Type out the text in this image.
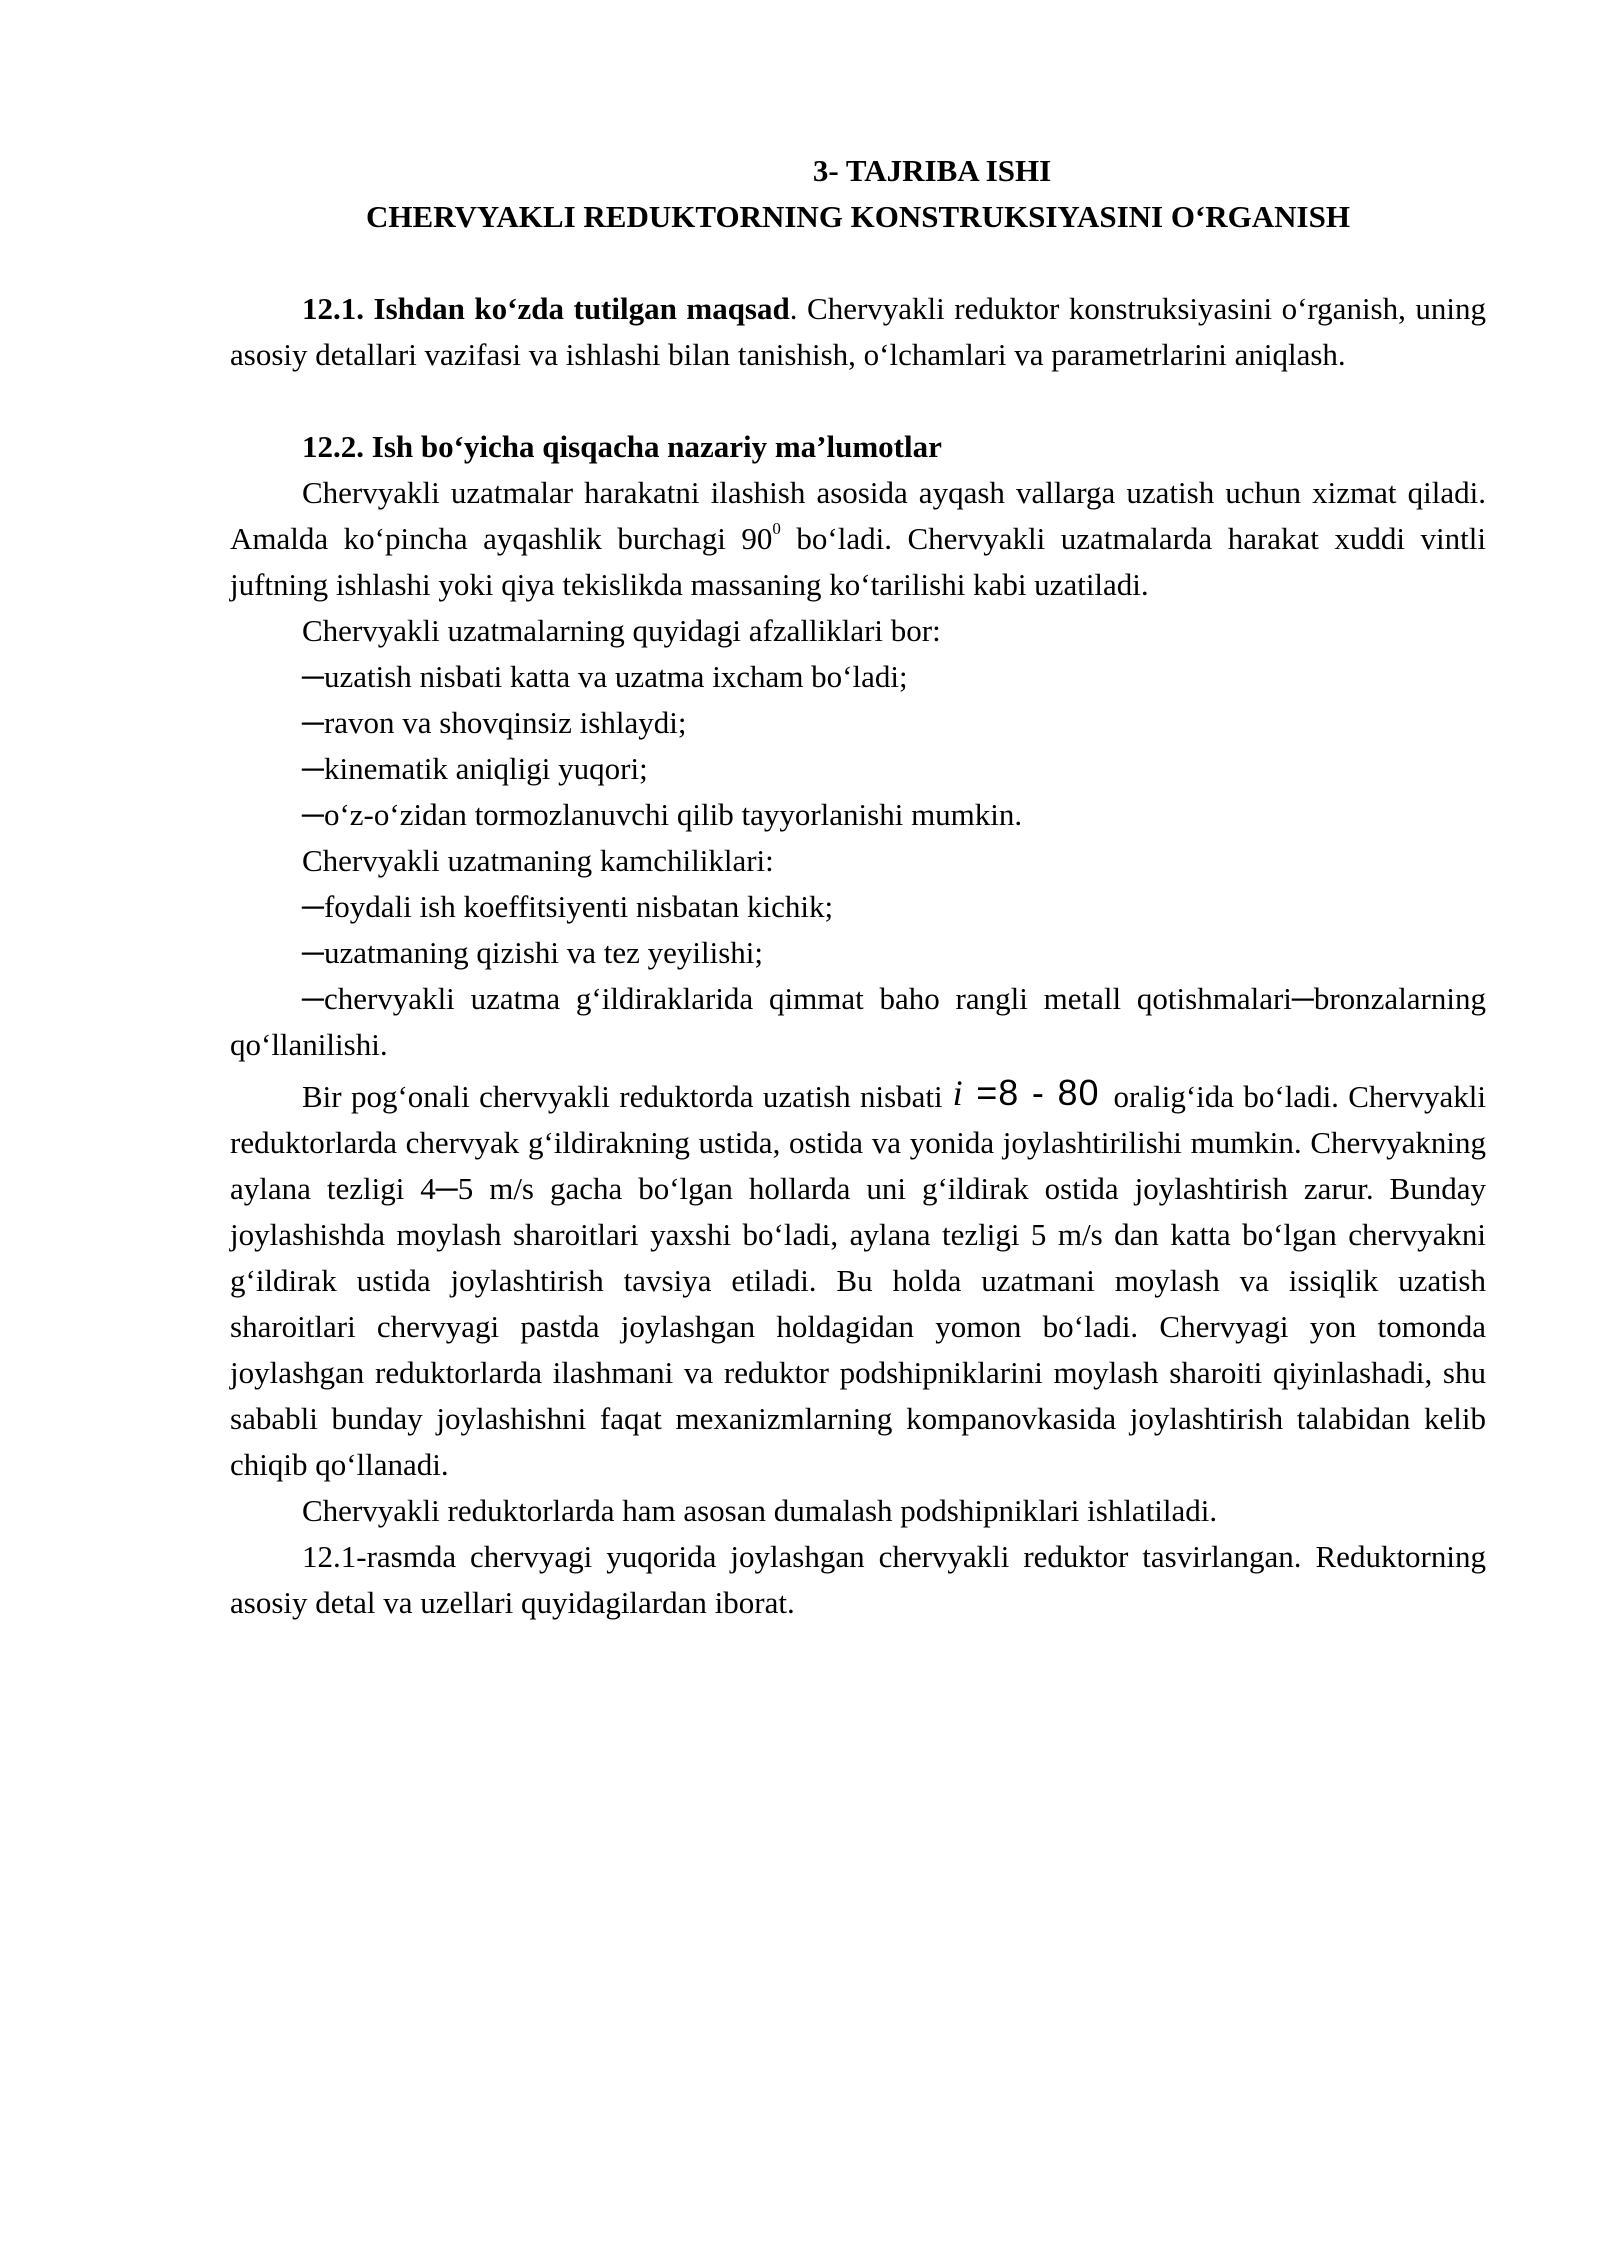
3- TAJRIBA ISHI
CHERVYAKLI REDUKTORNING KONSTRUKSIYASINI O‘RGANISH

12.1. Ishdan ko‘zda tutilgan maqsad. Chervyakli reduktor konstruksiyasini o‘rganish, uning asosiy detallari vazifasi va ishlashi bilan tanishish, o‘lchamlari va parametrlarini aniqlash.

12.2. Ish bo‘yicha qisqacha nazariy ma’lumotlar

Chervyakli uzatmalar harakatni ilashish asosida ayqash vallarga uzatish uchun xizmat qiladi. Amalda ko‘pincha ayqashlik burchagi $90^0$ bo‘ladi. Chervyakli uzatmalarda harakat xuddi vintli juftning ishlashi yoki qiya tekislikda massaning ko‘tarilishi kabi uzatiladi.

Chervyakli uzatmalarning quyidagi afzalliklari bor:

─uzatish nisbati katta va uzatma ixcham bo‘ladi;

─ravon va shovqinsiz ishlaydi;

─kinematik aniqligi yuqori;

─o‘z-o‘zidan tormozlanuvchi qilib tayyorlanishi mumkin.

Chervyakli uzatmaning kamchiliklari:

─foydali ish koeffitsiyenti nisbatan kichik;

─uzatmaning qizishi va tez yeyilishi;

─chervyakli uzatma g‘ildiraklarida qimmat baho rangli metall qotishmalari─bronzalarning qo‘llanilishi.

Bir pog‘onali chervyakli reduktorda uzatish nisbati i =8 - 80 oralig‘ida bo‘ladi. Chervyakli reduktorlarda chervyak g‘ildirakning ustida, ostida va yonida joylashtirilishi mumkin. Chervyakning aylana tezligi 4─5 m/s gacha bo‘lgan hollarda uni g‘ildirak ostida joylashtirish zarur. Bunday joylashishda moylash sharoitlari yaxshi bo‘ladi, aylana tezligi 5 m/s dan katta bo‘lgan chervyakni g‘ildirak ustida joylashtirish tavsiya etiladi. Bu holda uzatmani moylash va issiqlik uzatish sharoitlari chervyagi pastda joylashgan holdagidan yomon bo‘ladi. Chervyagi yon tomonda joylashgan reduktorlarda ilashmani va reduktor podshipniklarini moylash sharoiti qiyinlashadi, shu sababli bunday joylashishni faqat mexanizmlarning kompanovkasida joylashtirish talabidan kelib chiqib qo‘llanadi.

Chervyakli reduktorlarda ham asosan dumalash podshipniklari ishlatiladi.

12.1-rasmda chervyagi yuqorida joylashgan chervyakli reduktor tasvirlangan. Reduktorning asosiy detal va uzellari quyidagilardan iborat.
